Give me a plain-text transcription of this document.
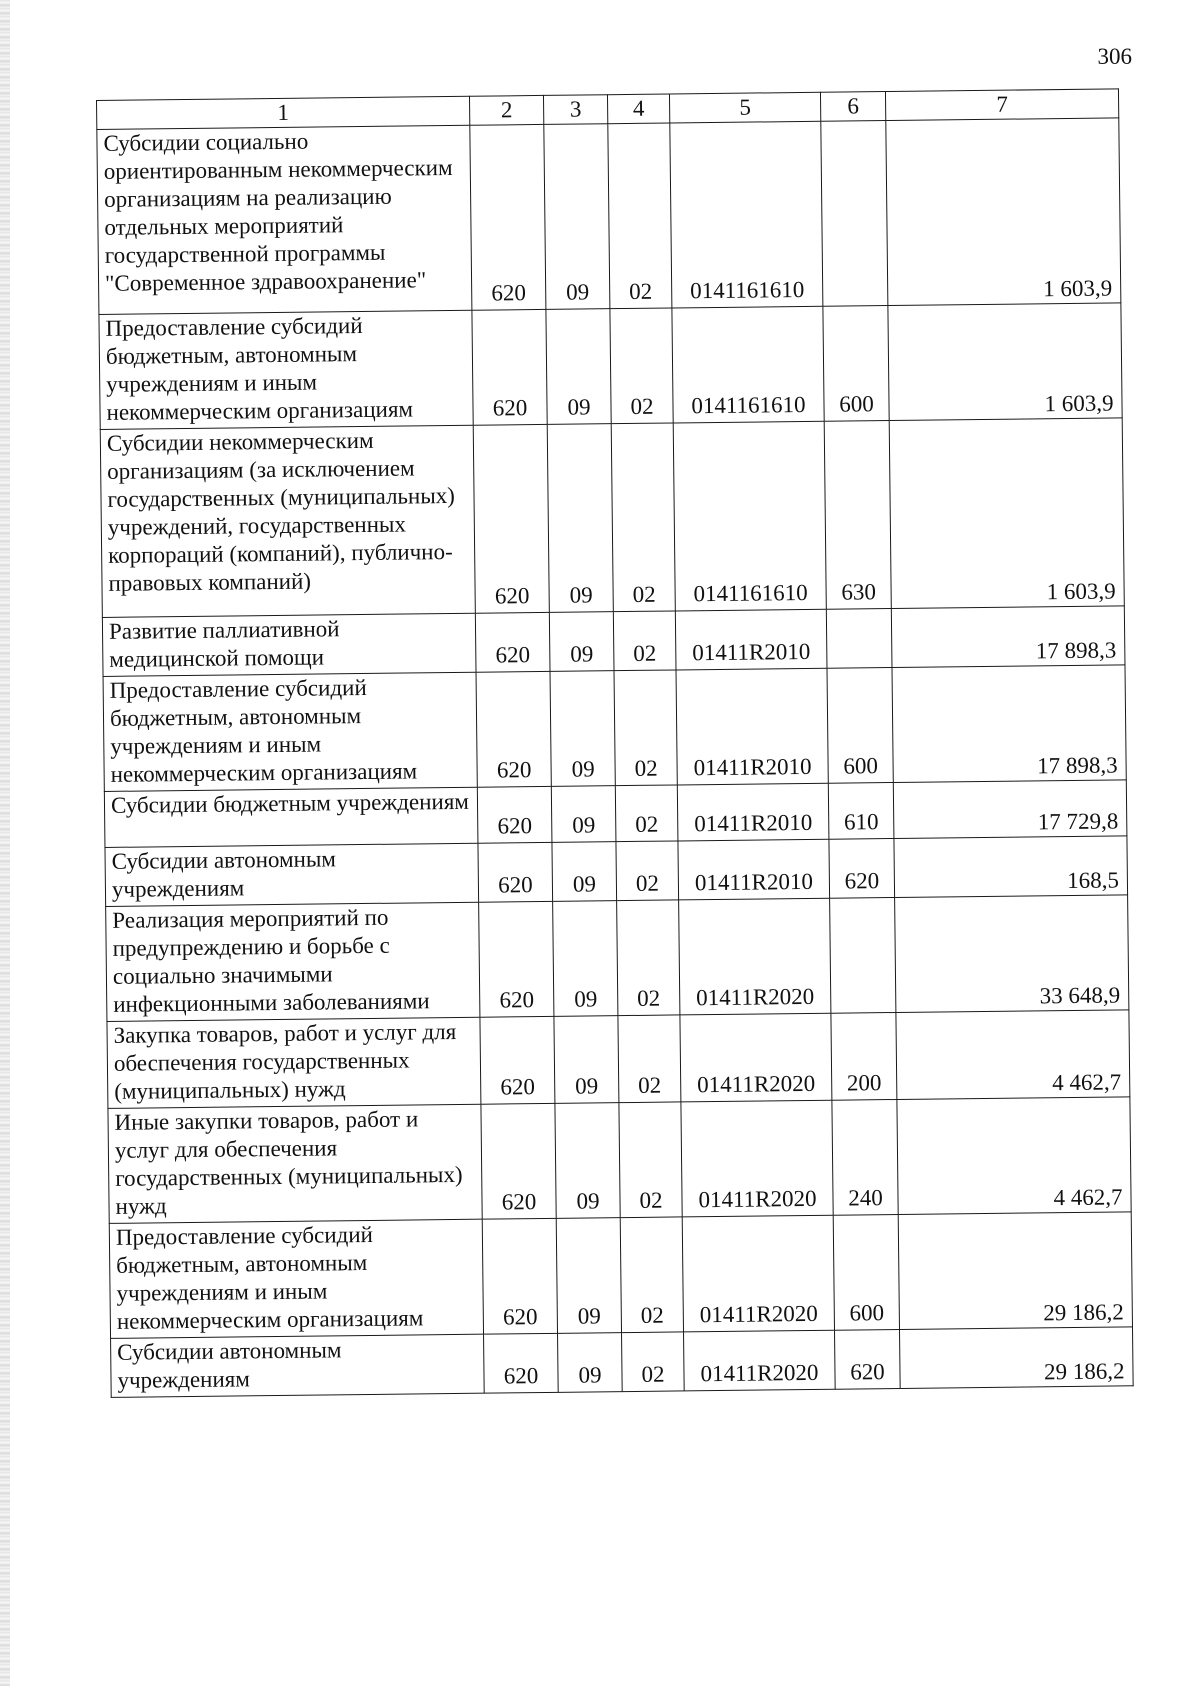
306
1	2	3	4	5	6	7
Субсидии социально ориентированным некоммерческим организациям на реализацию отдельных мероприятий государственной программы "Современное здравоохранение"	620	09	02	0141161610		1 603,9
Предоставление субсидий бюджетным, автономным учреждениям и иным некоммерческим организациям	620	09	02	0141161610	600	1 603,9
Субсидии некоммерческим организациям (за исключением государственных (муниципальных) учреждений, государственных корпораций (компаний), публично-правовых компаний)	620	09	02	0141161610	630	1 603,9
Развитие паллиативной медицинской помощи	620	09	02	01411R2010		17 898,3
Предоставление субсидий бюджетным, автономным учреждениям и иным некоммерческим организациям	620	09	02	01411R2010	600	17 898,3
Субсидии бюджетным учреждениям	620	09	02	01411R2010	610	17 729,8
Субсидии автономным учреждениям	620	09	02	01411R2010	620	168,5
Реализация мероприятий по предупреждению и борьбе с социально значимыми инфекционными заболеваниями	620	09	02	01411R2020		33 648,9
Закупка товаров, работ и услуг для обеспечения государственных (муниципальных) нужд	620	09	02	01411R2020	200	4 462,7
Иные закупки товаров, работ и услуг для обеспечения государственных (муниципальных) нужд	620	09	02	01411R2020	240	4 462,7
Предоставление субсидий бюджетным, автономным учреждениям и иным некоммерческим организациям	620	09	02	01411R2020	600	29 186,2
Субсидии автономным учреждениям	620	09	02	01411R2020	620	29 186,2
